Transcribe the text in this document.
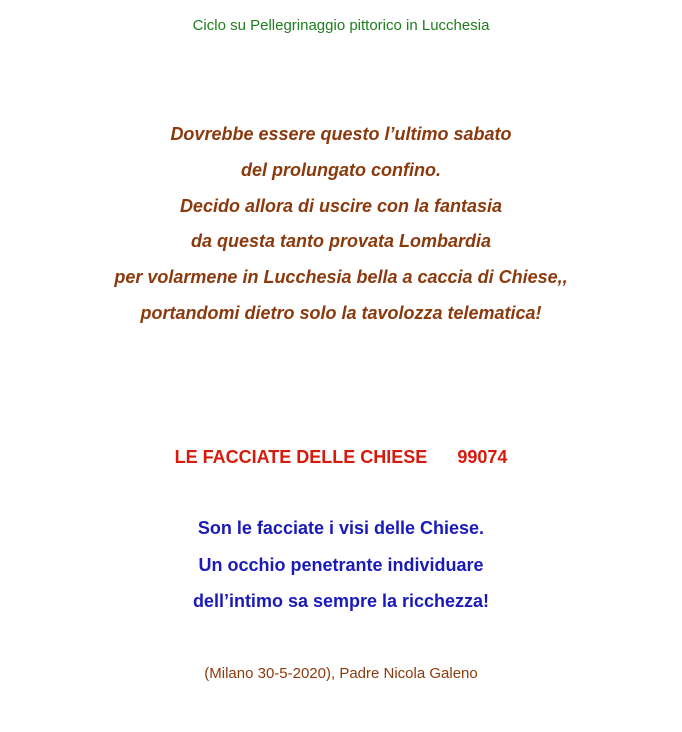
Ciclo su Pellegrinaggio pittorico in Lucchesia
Dovrebbe essere questo l’ultimo sabato
del prolungato confino.
Decido allora di uscire con la fantasia
da questa tanto provata Lombardia
per volarmene in Lucchesia bella a caccia di Chiese,,
portandomi dietro solo la tavolozza telematica!
LE FACCIATE DELLE CHIESE 99074
Son le facciate i visi delle Chiese.
Un occhio penetrante individuare
dell’intimo sa sempre la ricchezza!
(Milano 30-5-2020), Padre Nicola Galeno
